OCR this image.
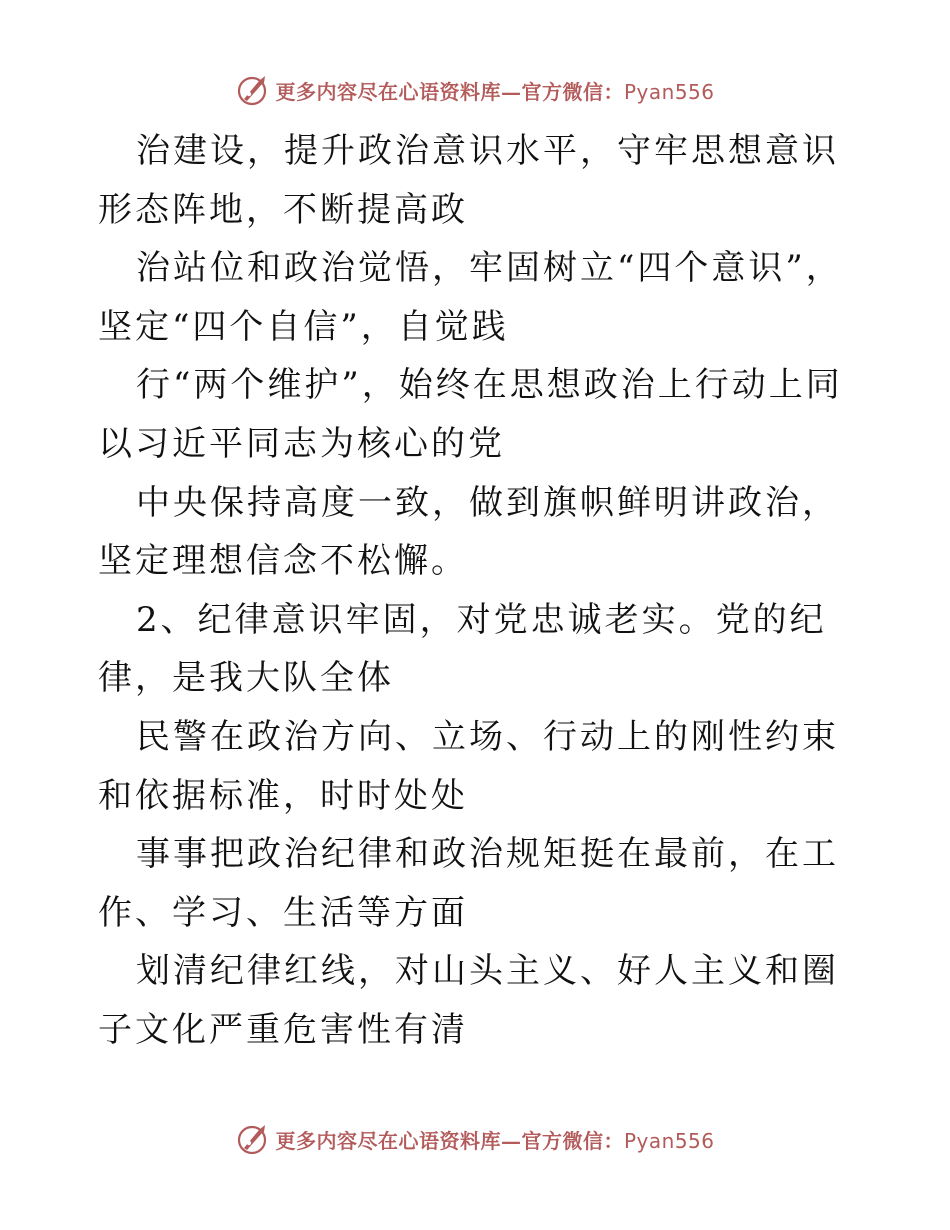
更多内容尽在心语资料库—官方微信：Pyan556

治建设，提升政治意识水平，守牢思想意识形态阵地，不断提高政

治站位和政治觉悟，牢固树立“四个意识”，坚定“四个自信”，自觉践

行“两个维护”，始终在思想政治上行动上同以习近平同志为核心的党

中央保持高度一致，做到旗帜鲜明讲政治，坚定理想信念不松懈。

2、纪律意识牢固，对党忠诚老实。党的纪律，是我大队全体

民警在政治方向、立场、行动上的刚性约束和依据标准，时时处处

事事把政治纪律和政治规矩挺在最前，在工作、学习、生活等方面

划清纪律红线，对山头主义、好人主义和圈子文化严重危害性有清

更多内容尽在心语资料库—官方微信：Pyan556
